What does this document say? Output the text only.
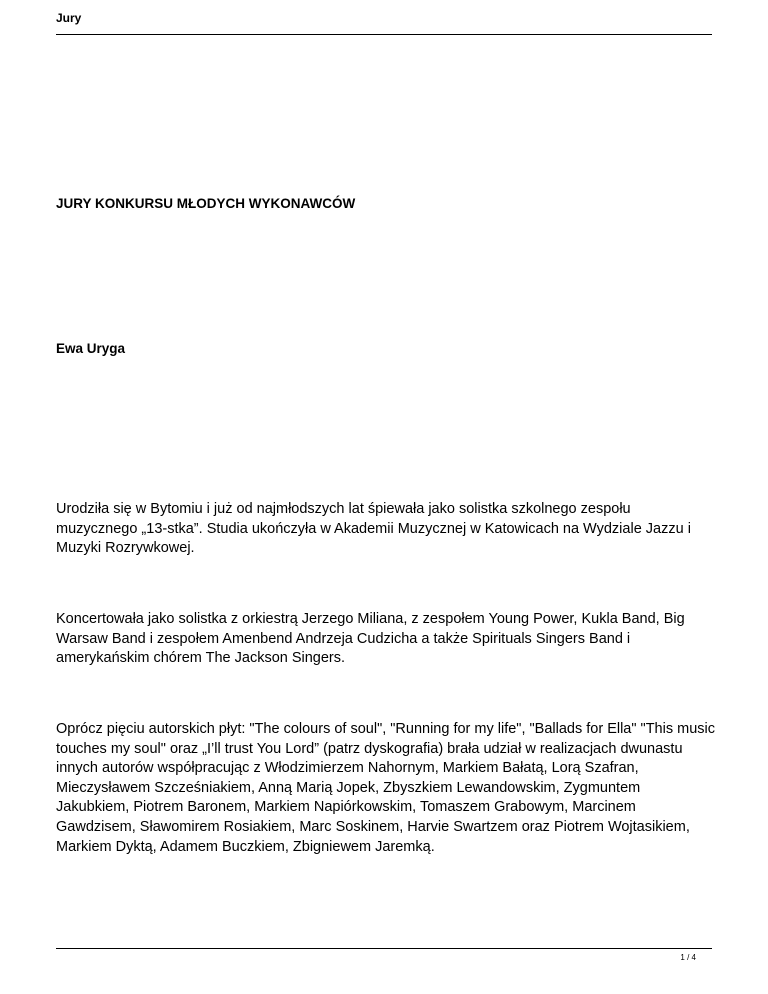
Jury
JURY KONKURSU MŁODYCH WYKONAWCÓW
Ewa Uryga

Urodziła się w Bytomiu i już od najmłodszych lat śpiewała jako solistka szkolnego zespołu muzycznego „13-stka”. Studia ukończyła w Akademii Muzycznej w Katowicach na Wydziale Jazzu i Muzyki Rozrywkowej.

Koncertowała jako solistka z orkiestrą Jerzego Miliana, z zespołem Young Power, Kukla Band, Big Warsaw Band i zespołem Amenbend Andrzeja Cudzicha a także Spirituals Singers Band i amerykańskim chórem The Jackson Singers.

Oprócz pięciu autorskich płyt: "The colours of soul", "Running for my life", "Ballads for Ella" "This music touches my soul" oraz „I’ll trust You Lord” (patrz dyskografia) brała udział w realizacjach dwunastu innych autorów współpracując z Włodzimierzem Nahornym, Markiem Bałatą, Lorą Szafran, Mieczysławem Szcześniakiem, Anną Marią Jopek, Zbyszkiem Lewandowskim, Zygmuntem Jakubkiem, Piotrem Baronem, Markiem Napiórkowskim, Tomaszem Grabowym, Marcinem Gawdzisem, Sławomirem Rosiakiem, Marc Soskinem, Harvie Swartzem oraz Piotrem Wojtasikiem, Markiem Dyktą, Adamem Buczkiem, Zbigniewem Jaremką.

1 / 4
